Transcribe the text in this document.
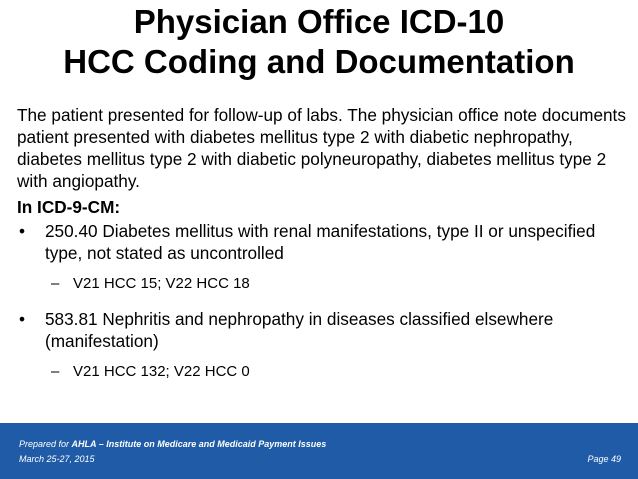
Physician Office ICD-10
HCC Coding and Documentation

The patient presented for follow-up of labs. The physician office note documents patient presented with diabetes mellitus type 2 with diabetic nephropathy, diabetes mellitus type 2 with diabetic polyneuropathy, diabetes mellitus type 2 with angiopathy.

In ICD-9-CM:

• 250.40 Diabetes mellitus with renal manifestations, type II or unspecified type, not stated as uncontrolled

– V21 HCC 15; V22 HCC 18

• 583.81 Nephritis and nephropathy in diseases classified elsewhere (manifestation)

– V21 HCC 132; V22 HCC 0
Prepared for AHLA – Institute on Medicare and Medicaid Payment Issues
March 25-27, 2015	Page 49
